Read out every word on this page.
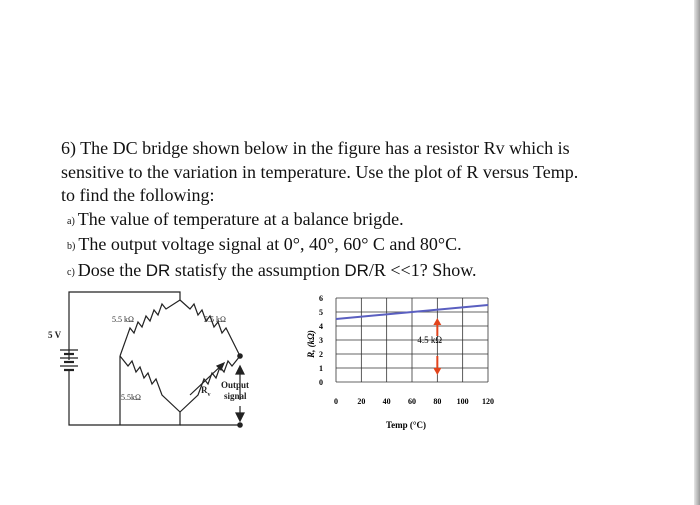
6) The DC bridge shown below in the figure has a resistor Rv which is
sensitive to the variation in temperature. Use the plot of R versus Temp.
to find the following:
a) The value of temperature at a balance brigde.
b) The output voltage signal at 0°, 40°, 60° C and 80°C.
c) Dose the DR statisfy the assumption DR/R <<1? Show.
5 V
5.5 kΩ	5.5 kΩ
5.5kΩ
$R_v$
Output
signal
0 20 40 60 80 100 120
0
1
2
3
4
5
6
4.5 kΩ
Temp (°C)
R, (kΩ)
